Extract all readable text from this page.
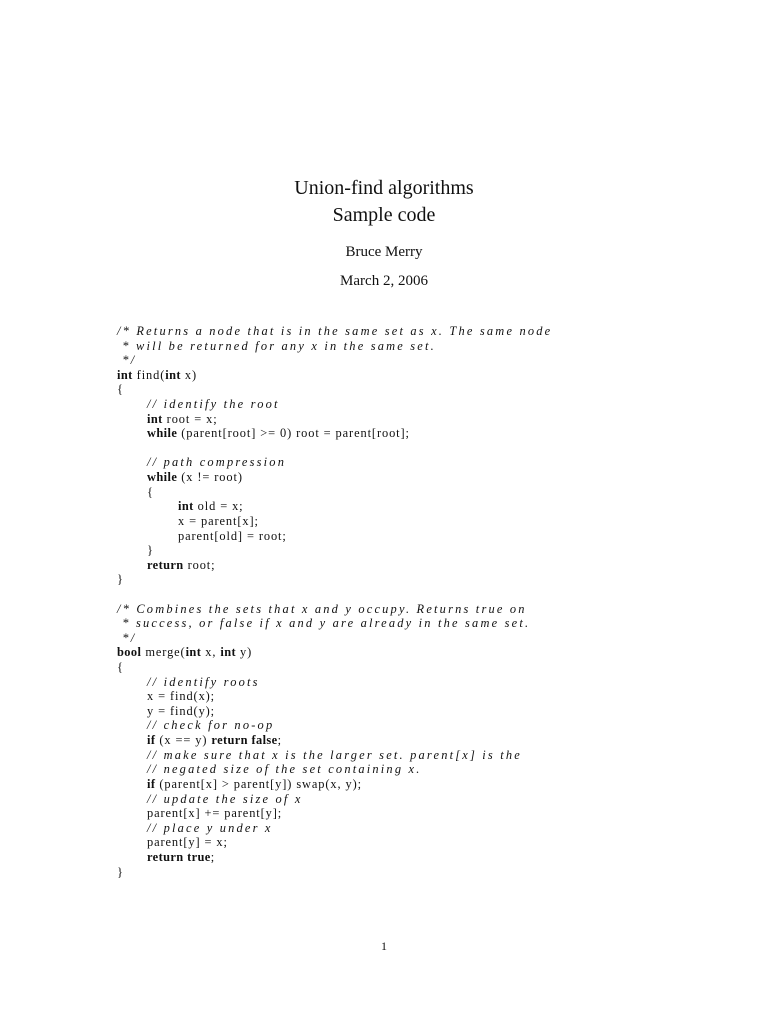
Union-find algorithms
Sample code
Bruce Merry
March 2, 2006
/* Returns a node that is in the same set as x. The same node
* will be returned for any x in the same set.
*/
int find(int x)
{
// identify the root
int root = x;
while (parent[root] >= 0) root = parent[root];
// path compression
while (x != root)
{
int old = x;
x = parent[x];
parent[old] = root;
}
return root;
}
/* Combines the sets that x and y occupy. Returns true on
* success, or false if x and y are already in the same set.
*/
bool merge(int x, int y)
{
// identify roots
x = find(x);
y = find(y);
// check for no-op
if (x == y) return false;
// make sure that x is the larger set. parent[x] is the
// negated size of the set containing x.
if (parent[x] > parent[y]) swap(x, y);
// update the size of x
parent[x] += parent[y];
// place y under x
parent[y] = x;
return true;
}
1
